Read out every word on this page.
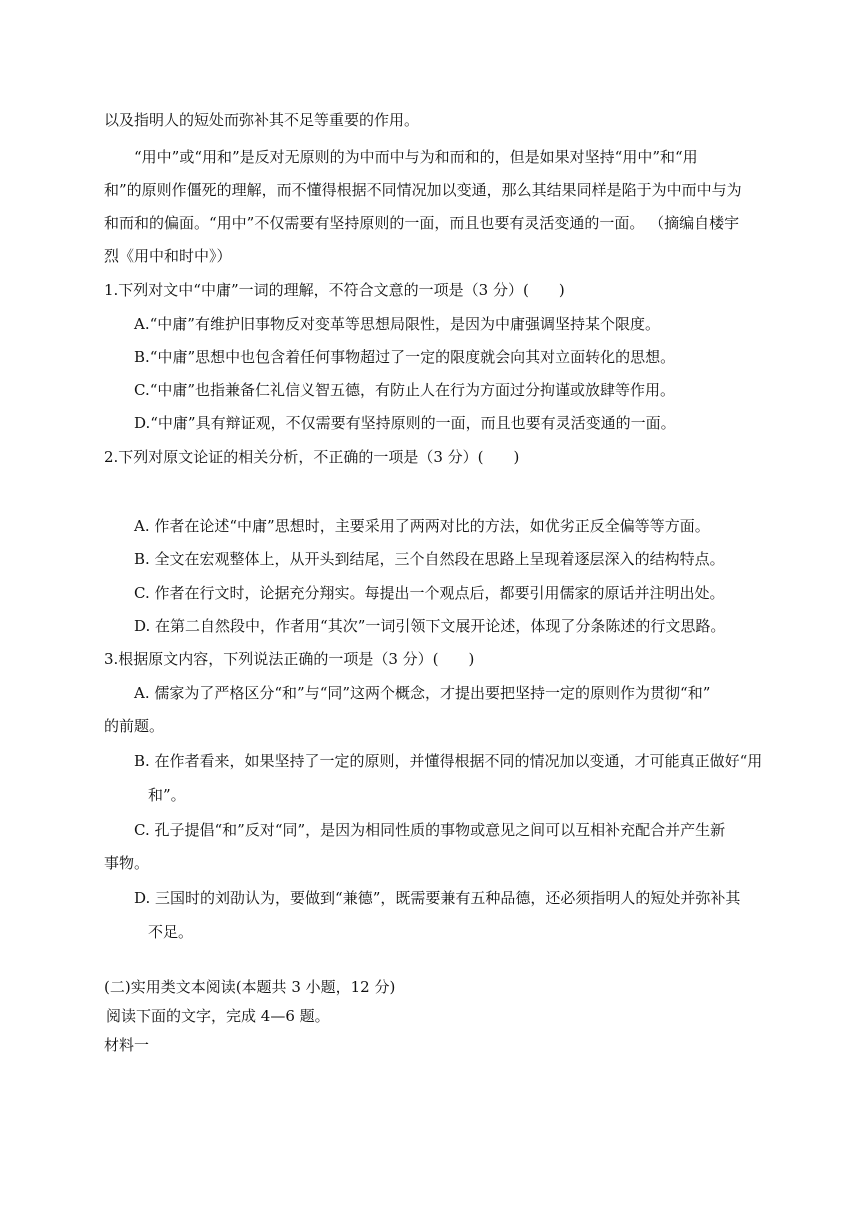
以及指明人的短处而弥补其不足等重要的作用。
“用中”或“用和”是反对无原则的为中而中与为和而和的，但是如果对坚持“用中”和“用
和”的原则作僵死的理解，而不懂得根据不同情况加以变通，那么其结果同样是陷于为中而中与为
和而和的偏面。“用中”不仅需要有坚持原则的一面，而且也要有灵活变通的一面。 （摘编自楼宇
烈《用中和时中》）
1.下列对文中“中庸”一词的理解，不符合文意的一项是（3 分）(　　)
A.“中庸”有维护旧事物反对变革等思想局限性，是因为中庸强调坚持某个限度。
B.“中庸”思想中也包含着任何事物超过了一定的限度就会向其对立面转化的思想。
C.“中庸”也指兼备仁礼信义智五德，有防止人在行为方面过分拘谨或放肆等作用。
D.“中庸”具有辩证观，不仅需要有坚持原则的一面，而且也要有灵活变通的一面。
2.下列对原文论证的相关分析，不正确的一项是（3 分）(　　)
A. 作者在论述“中庸”思想时，主要采用了两两对比的方法，如优劣正反全偏等等方面。
B. 全文在宏观整体上，从开头到结尾，三个自然段在思路上呈现着逐层深入的结构特点。
C. 作者在行文时，论据充分翔实。每提出一个观点后，都要引用儒家的原话并注明出处。
D. 在第二自然段中，作者用“其次”一词引领下文展开论述，体现了分条陈述的行文思路。
3.根据原文内容，下列说法正确的一项是（3 分）(　　)
A. 儒家为了严格区分“和”与“同”这两个概念，才提出要把坚持一定的原则作为贯彻“和”
的前题。
B. 在作者看来，如果坚持了一定的原则，并懂得根据不同的情况加以变通，才可能真正做好“用
和”。
C. 孔子提倡“和”反对“同”，是因为相同性质的事物或意见之间可以互相补充配合并产生新
事物。
D. 三国时的刘劭认为，要做到“兼德”，既需要兼有五种品德，还必须指明人的短处并弥补其
不足。
(二)实用类文本阅读(本题共 3 小题，12 分)
阅读下面的文字，完成 4—6 题。
材料一
